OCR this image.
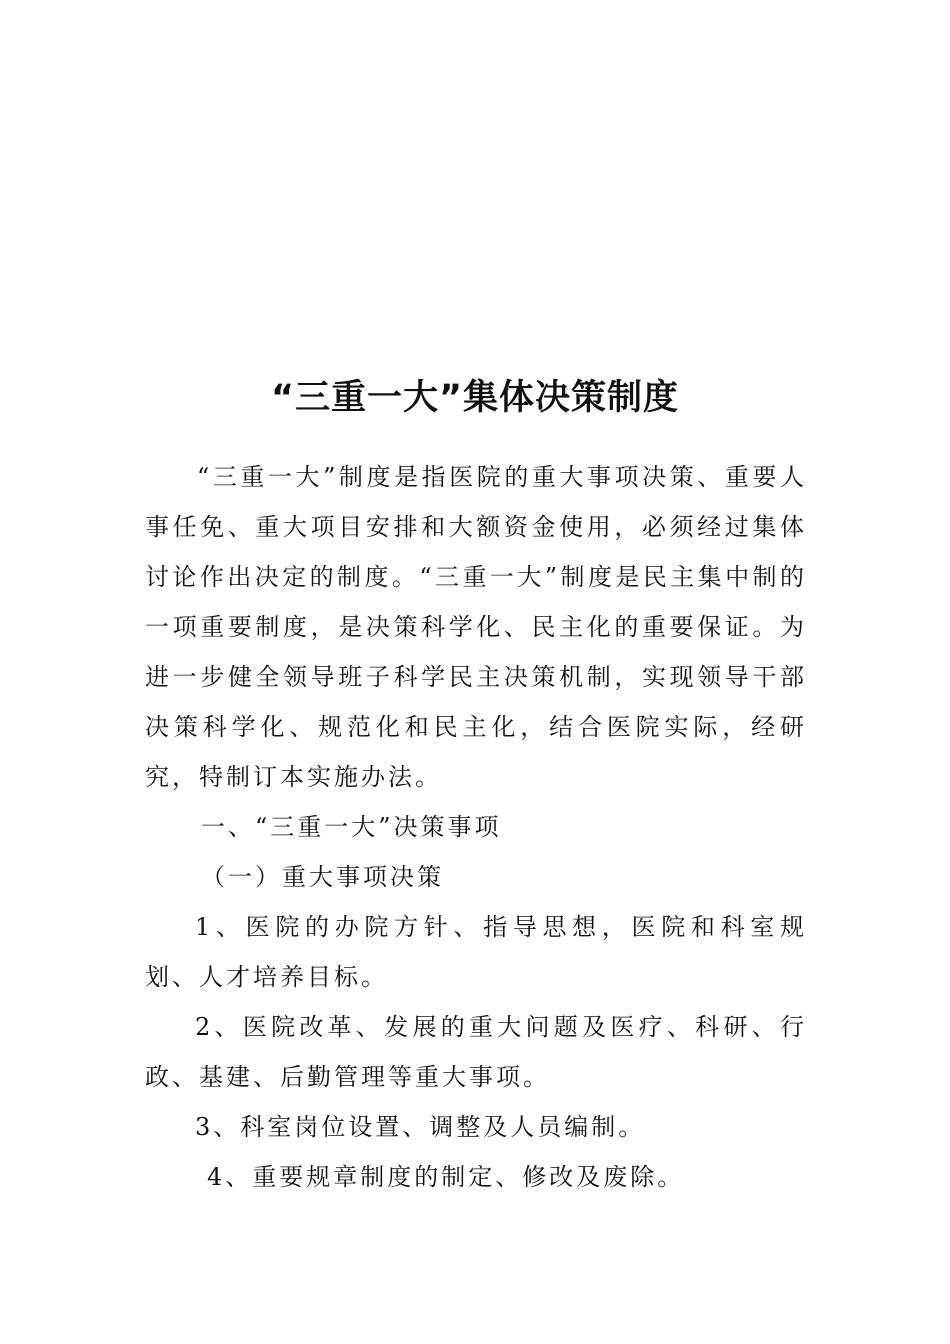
“三重一大”集体决策制度

“三重一大”制度是指医院的重大事项决策、重要人事任免、重大项目安排和大额资金使用，必须经过集体讨论作出决定的制度。“三重一大”制度是民主集中制的一项重要制度，是决策科学化、民主化的重要保证。为进一步健全领导班子科学民主决策机制，实现领导干部决策科学化、规范化和民主化，结合医院实际，经研究，特制订本实施办法。

一、“三重一大”决策事项

（一）重大事项决策

1、医院的办院方针、指导思想，医院和科室规划、人才培养目标。

2、医院改革、发展的重大问题及医疗、科研、行政、基建、后勤管理等重大事项。

3、科室岗位设置、调整及人员编制。

4、重要规章制度的制定、修改及废除。
